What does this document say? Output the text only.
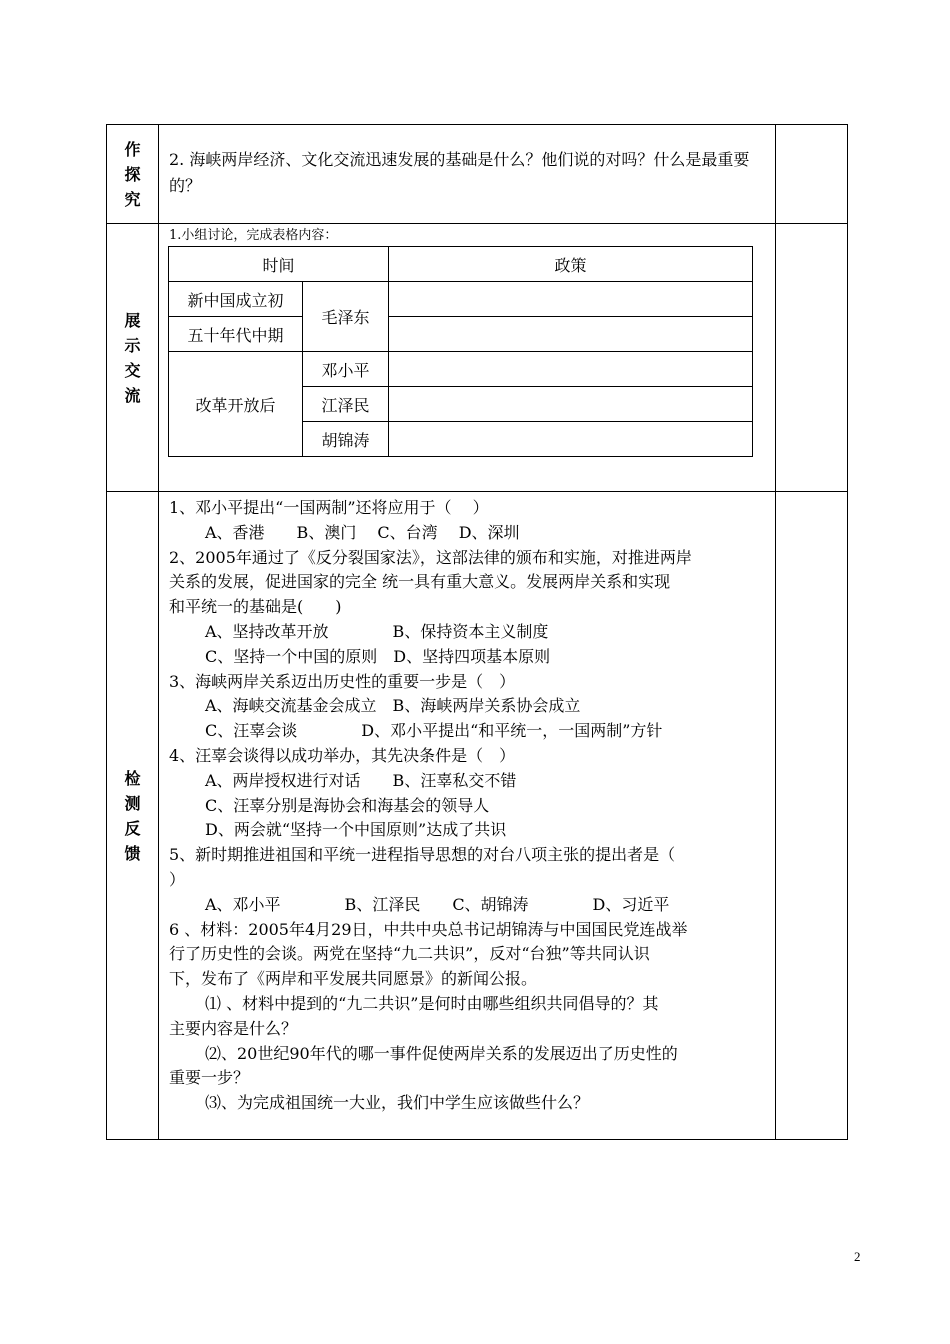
作探究	
2. 海峡两岸经济、文化交流迅速发展的基础是什么？他们说的对吗？什么是最重要的？

展示交流	
1.小组讨论，完成表格内容：
时间	政策
新中国成立初	毛泽东	
五十年代中期	
改革开放后	邓小平	
江泽民	
胡锦涛	

检测反馈	
1、邓小平提出“一国两制”还将应用于（　 ）
A、香港　　B、澳门　 C、台湾　 D、深圳
2、2005年通过了《反分裂国家法》，这部法律的颁布和实施，对推进两岸
关系的发展，促进国家的完全 统一具有重大意义。发展两岸关系和实现
和平统一的基础是(　　)
A、坚持改革开放　　　　B、保持资本主义制度
C、坚持一个中国的原则　D、坚持四项基本原则
3、海峡两岸关系迈出历史性的重要一步是（　）
A、海峡交流基金会成立　B、海峡两岸关系协会成立
C、汪辜会谈　　　　D、邓小平提出“和平统一，一国两制”方针
4、汪辜会谈得以成功举办，其先决条件是（　）
A、两岸授权进行对话　　B、汪辜私交不错
C、汪辜分别是海协会和海基会的领导人
D、两会就“坚持一个中国原则”达成了共识
5、新时期推进祖国和平统一进程指导思想的对台八项主张的提出者是（
）
A、邓小平　　　　B、江泽民　　C、胡锦涛　　　　D、习近平
6 、材料：2005年4月29日，中共中央总书记胡锦涛与中国国民党连战举
行了历史性的会谈。两党在坚持“九二共识”，反对“台独”等共同认识
下，发布了《两岸和平发展共同愿景》的新闻公报。
⑴ 、材料中提到的“九二共识”是何时由哪些组织共同倡导的？其
主要内容是什么？
⑵、20世纪90年代的哪一事件促使两岸关系的发展迈出了历史性的
重要一步？
⑶、为完成祖国统一大业，我们中学生应该做些什么？

2
